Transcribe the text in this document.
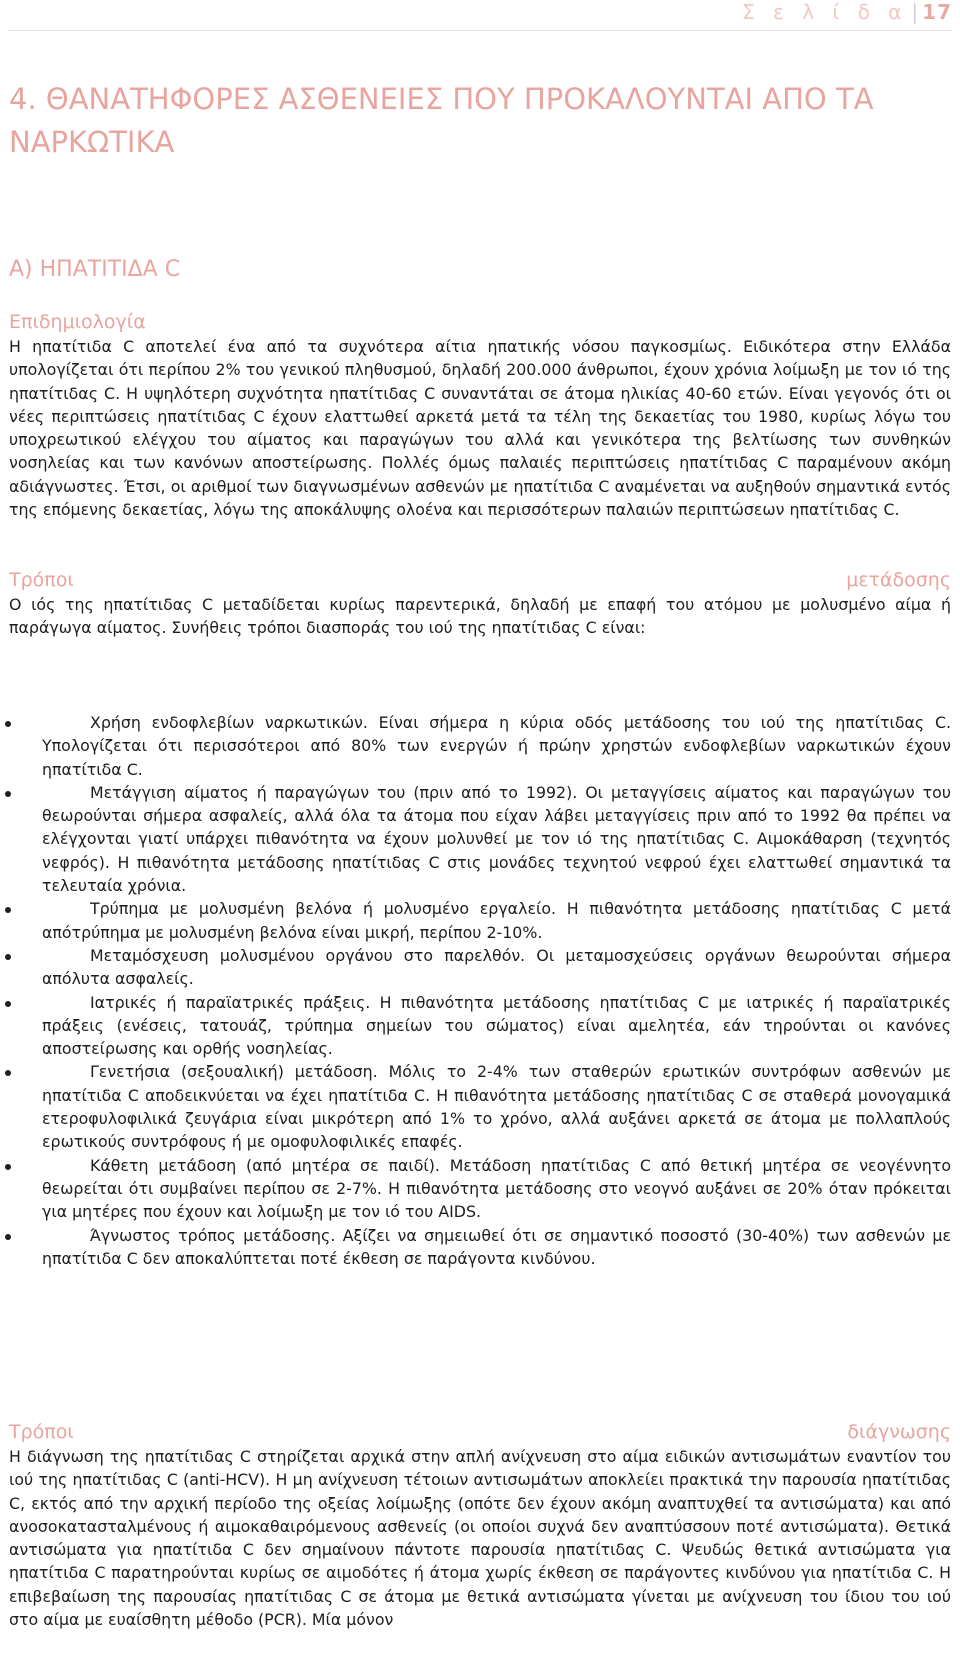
Σ ε λ ί δ α | 17
4. ΘΑΝΑΤΗΦΟΡΕΣ ΑΣΘΕΝΕΙΕΣ ΠΟΥ ΠΡΟΚΑΛΟΥΝΤΑΙ ΑΠΟ ΤΑ ΝΑΡΚΩΤΙΚΑ
Α) ΗΠΑΤΙΤΙΔΑ C
Επιδημιολογία
Η ηπατίτιδα C αποτελεί ένα από τα συχνότερα αίτια ηπατικής νόσου παγκοσμίως. Ειδικότερα στην Ελλάδα υπολογίζεται ότι περίπου 2% του γενικού πληθυσμού, δηλαδή 200.000 άνθρωποι, έχουν χρόνια λοίμωξη με τον ιό της ηπατίτιδας C. Η υψηλότερη συχνότητα ηπατίτιδας C συναντάται σε άτομα ηλικίας 40-60 ετών. Είναι γεγονός ότι οι νέες περιπτώσεις ηπατίτιδας C έχουν ελαττωθεί αρκετά μετά τα τέλη της δεκαετίας του 1980, κυρίως λόγω του υποχρεωτικού ελέγχου του αίματος και παραγώγων του αλλά και γενικότερα της βελτίωσης των συνθηκών νοσηλείας και των κανόνων αποστείρωσης. Πολλές όμως παλαιές περιπτώσεις ηπατίτιδας C παραμένουν ακόμη αδιάγνωστες. Έτσι, οι αριθμοί των διαγνωσμένων ασθενών με ηπατίτιδα C αναμένεται να αυξηθούν σημαντικά εντός της επόμενης δεκαετίας, λόγω της αποκάλυψης ολοένα και περισσότερων παλαιών περιπτώσεων ηπατίτιδας C.
Τρόποι	μετάδοσης
Ο ιός της ηπατίτιδας C μεταδίδεται κυρίως παρεντερικά, δηλαδή με επαφή του ατόμου με μολυσμένο αίμα ή παράγωγα αίματος. Συνήθεις τρόποι διασποράς του ιού της ηπατίτιδας C είναι:
Χρήση ενδοφλεβίων ναρκωτικών. Είναι σήμερα η κύρια οδός μετάδοσης του ιού της ηπατίτιδας C. Υπολογίζεται ότι περισσότεροι από 80% των ενεργών ή πρώην χρηστών ενδοφλεβίων ναρκωτικών έχουν ηπατίτιδα C.
Μετάγγιση αίματος ή παραγώγων του (πριν από το 1992). Οι μεταγγίσεις αίματος και παραγώγων του θεωρούνται σήμερα ασφαλείς, αλλά όλα τα άτομα που είχαν λάβει μεταγγίσεις πριν από το 1992 θα πρέπει να ελέγχονται γιατί υπάρχει πιθανότητα να έχουν μολυνθεί με τον ιό της ηπατίτιδας C. Αιμοκάθαρση (τεχνητός νεφρός). Η πιθανότητα μετάδοσης ηπατίτιδας C στις μονάδες τεχνητού νεφρού έχει ελαττωθεί σημαντικά τα τελευταία χρόνια.
Τρύπημα με μολυσμένη βελόνα ή μολυσμένο εργαλείο. Η πιθανότητα μετάδοσης ηπατίτιδας C μετά απότρύπημα με μολυσμένη βελόνα είναι μικρή, περίπου 2-10%.
Μεταμόσχευση μολυσμένου οργάνου στο παρελθόν. Οι μεταμοσχεύσεις οργάνων θεωρούνται σήμερα απόλυτα ασφαλείς.
Ιατρικές ή παραϊατρικές πράξεις. Η πιθανότητα μετάδοσης ηπατίτιδας C με ιατρικές ή παραϊατρικές πράξεις (ενέσεις, τατουάζ, τρύπημα σημείων του σώματος) είναι αμελητέα, εάν τηρούνται οι κανόνες αποστείρωσης και ορθής νοσηλείας.
Γενετήσια (σεξουαλική) μετάδοση. Μόλις το 2-4% των σταθερών ερωτικών συντρόφων ασθενών με ηπατίτιδα C αποδεικνύεται να έχει ηπατίτιδα C. Η πιθανότητα μετάδοσης ηπατίτιδας C σε σταθερά μονογαμικά ετεροφυλοφιλικά ζευγάρια είναι μικρότερη από 1% το χρόνο, αλλά αυξάνει αρκετά σε άτομα με πολλαπλούς ερωτικούς συντρόφους ή με ομοφυλοφιλικές επαφές.
Κάθετη μετάδοση (από μητέρα σε παιδί). Μετάδοση ηπατίτιδας C από θετική μητέρα σε νεογέννητο θεωρείται ότι συμβαίνει περίπου σε 2-7%. Η πιθανότητα μετάδοσης στο νεογνό αυξάνει σε 20% όταν πρόκειται για μητέρες που έχουν και λοίμωξη με τον ιό του AIDS.
Άγνωστος τρόπος μετάδοσης. Αξίζει να σημειωθεί ότι σε σημαντικό ποσοστό (30-40%) των ασθενών με ηπατίτιδα C δεν αποκαλύπτεται ποτέ έκθεση σε παράγοντα κινδύνου.
Τρόποι	διάγνωσης
Η διάγνωση της ηπατίτιδας C στηρίζεται αρχικά στην απλή ανίχνευση στο αίμα ειδικών αντισωμάτων εναντίον του ιού της ηπατίτιδας C (anti-HCV). Η μη ανίχνευση τέτοιων αντισωμάτων αποκλείει πρακτικά την παρουσία ηπατίτιδας C, εκτός από την αρχική περίοδο της οξείας λοίμωξης (οπότε δεν έχουν ακόμη αναπτυχθεί τα αντισώματα) και από ανοσοκατασταλμένους ή αιμοκαθαιρόμενους ασθενείς (οι οποίοι συχνά δεν αναπτύσσουν ποτέ αντισώματα). Θετικά αντισώματα για ηπατίτιδα C δεν σημαίνουν πάντοτε παρουσία ηπατίτιδας C. Ψευδώς θετικά αντισώματα για ηπατίτιδα C παρατηρούνται κυρίως σε αιμοδότες ή άτομα χωρίς έκθεση σε παράγοντες κινδύνου για ηπατίτιδα C. Η επιβεβαίωση της παρουσίας ηπατίτιδας C σε άτομα με θετικά αντισώματα γίνεται με ανίχνευση του ίδιου του ιού στο αίμα με ευαίσθητη μέθοδο (PCR). Μία μόνον
